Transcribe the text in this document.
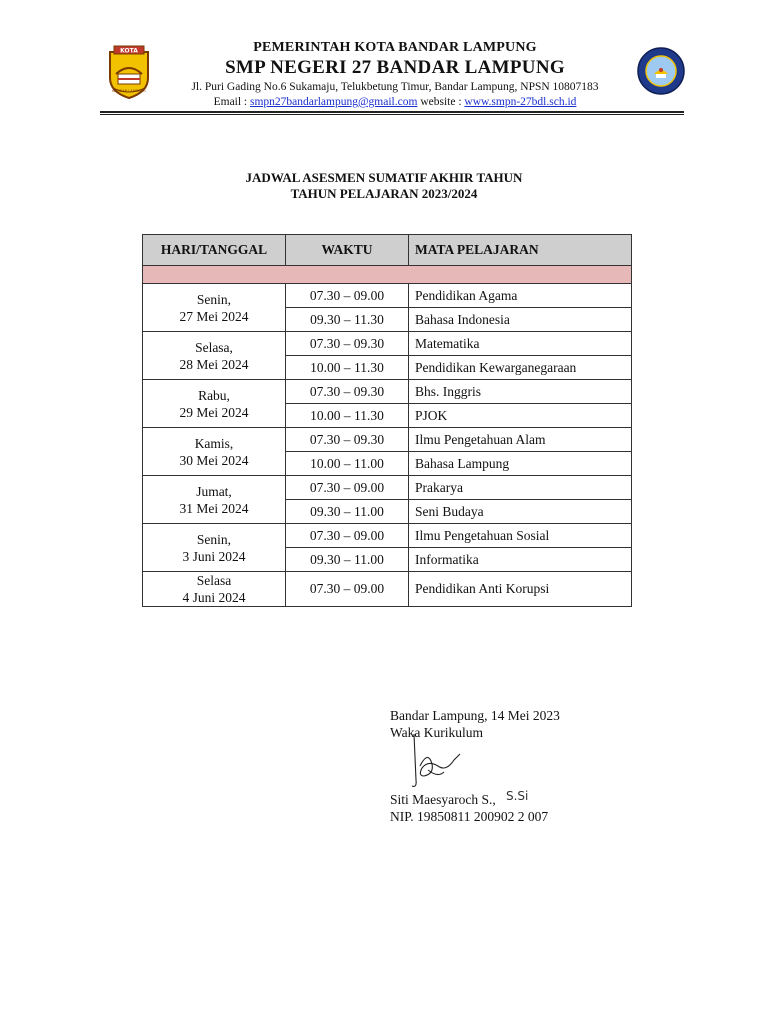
KOTA
BANDAR LAMPUNG
PEMERINTAH KOTA BANDAR LAMPUNG
SMP NEGERI 27 BANDAR LAMPUNG
Jl. Puri Gading No.6 Sukamaju, Telukbetung Timur, Bandar Lampung, NPSN 10807183
Email : smpn27bandarlampung@gmail.com website : www.smpn-27bdl.sch.id
JADWAL ASESMEN SUMATIF AKHIR TAHUN
TAHUN PELAJARAN 2023/2024
HARI/TANGGAL	WAKTU	MATA PELAJARAN

Senin,
27 Mei 2024	07.30 – 09.00	Pendidikan Agama
	09.30 – 11.30	Bahasa Indonesia
Selasa,
28 Mei 2024	07.30 – 09.30	Matematika
	10.00 – 11.30	Pendidikan Kewarganegaraan
Rabu,
29 Mei 2024	07.30 – 09.30	Bhs. Inggris
	10.00 – 11.30	PJOK
Kamis,
30 Mei 2024	07.30 – 09.30	Ilmu Pengetahuan Alam
	10.00 – 11.00	Bahasa Lampung
Jumat,
31 Mei 2024	07.30 – 09.00	Prakarya
	09.30 – 11.00	Seni Budaya
Senin,
3 Juni 2024	07.30 – 09.00	Ilmu Pengetahuan Sosial
	09.30 – 11.00	Informatika
Selasa
4 Juni 2024	07.30 – 09.00	Pendidikan Anti Korupsi
Bandar Lampung, 14 Mei 2023
Waka Kurikulum
Siti Maesyaroch S., S.Si
NIP. 19850811 200902 2 007
